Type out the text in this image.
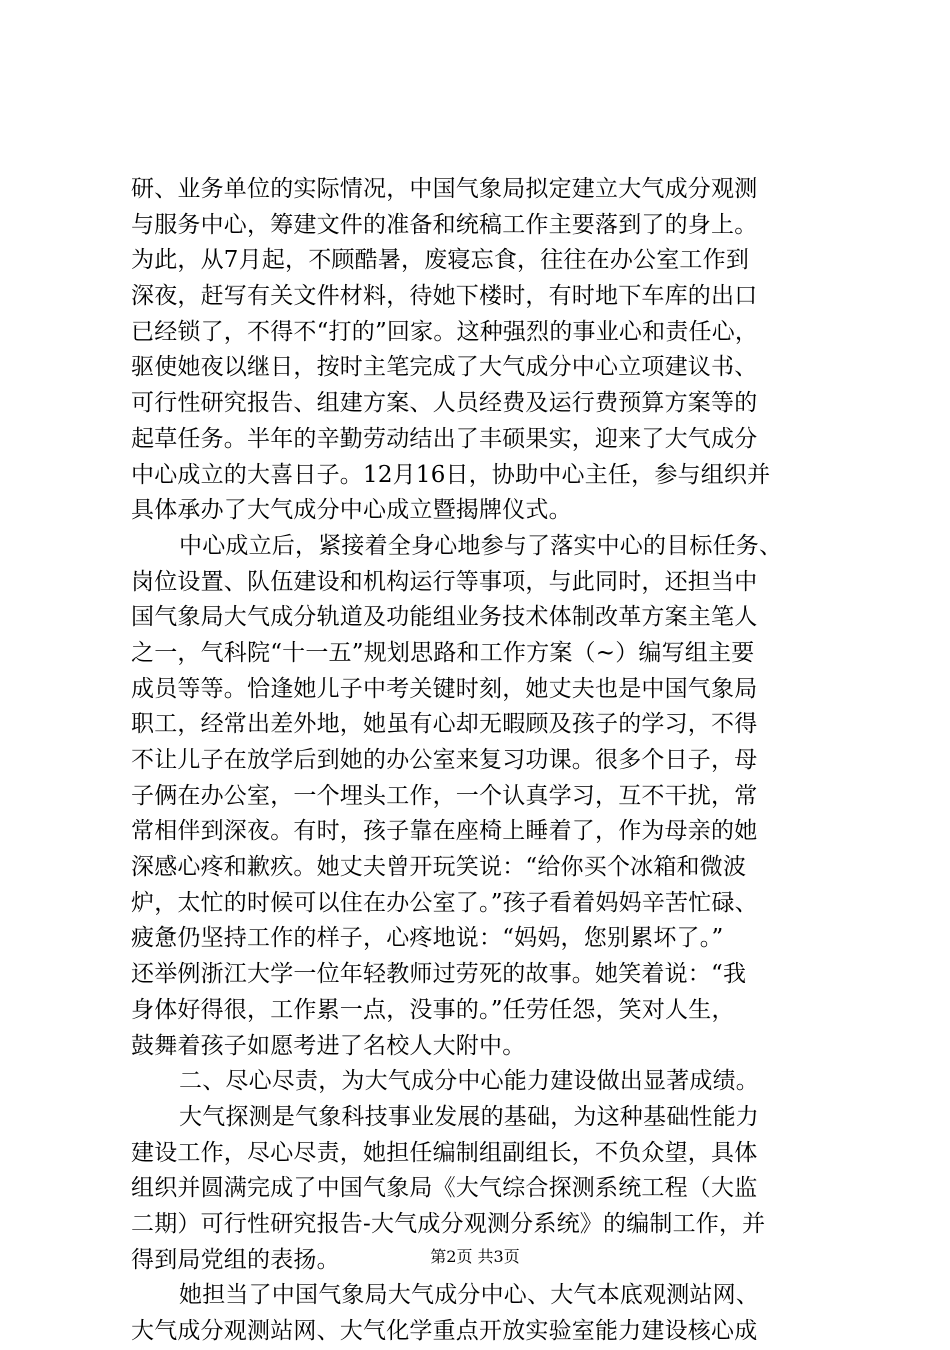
研、业务单位的实际情况，中国气象局拟定建立大气成分观测
与服务中心，筹建文件的准备和统稿工作主要落到了的身上。
为此，从7月起，不顾酷暑，废寝忘食，往往在办公室工作到
深夜，赶写有关文件材料，待她下楼时，有时地下车库的出口
已经锁了，不得不“打的”回家。这种强烈的事业心和责任心，
驱使她夜以继日，按时主笔完成了大气成分中心立项建议书、
可行性研究报告、组建方案、人员经费及运行费预算方案等的
起草任务。半年的辛勤劳动结出了丰硕果实，迎来了大气成分
中心成立的大喜日子。12月16日，协助中心主任，参与组织并
具体承办了大气成分中心成立暨揭牌仪式。
中心成立后，紧接着全身心地参与了落实中心的目标任务、
岗位设置、队伍建设和机构运行等事项，与此同时，还担当中
国气象局大气成分轨道及功能组业务技术体制改革方案主笔人
之一，气科院“十一五”规划思路和工作方案（~）编写组主要
成员等等。恰逢她儿子中考关键时刻，她丈夫也是中国气象局
职工，经常出差外地，她虽有心却无暇顾及孩子的学习，不得
不让儿子在放学后到她的办公室来复习功课。很多个日子，母
子俩在办公室，一个埋头工作，一个认真学习，互不干扰，常
常相伴到深夜。有时，孩子靠在座椅上睡着了，作为母亲的她
深感心疼和歉疚。她丈夫曾开玩笑说：“给你买个冰箱和微波
炉，太忙的时候可以住在办公室了。”孩子看着妈妈辛苦忙碌、
疲惫仍坚持工作的样子，心疼地说：“妈妈，您别累坏了。”
还举例浙江大学一位年轻教师过劳死的故事。她笑着说：“我
身体好得很，工作累一点，没事的。”任劳任怨，笑对人生，
鼓舞着孩子如愿考进了名校人大附中。
二、尽心尽责，为大气成分中心能力建设做出显著成绩。
大气探测是气象科技事业发展的基础，为这种基础性能力
建设工作，尽心尽责，她担任编制组副组长，不负众望，具体
组织并圆满完成了中国气象局《大气综合探测系统工程（大监
二期）可行性研究报告-大气成分观测分系统》的编制工作，并
得到局党组的表扬。
她担当了中国气象局大气成分中心、大气本底观测站网、
大气成分观测站网、大气化学重点开放实验室能力建设核心成
第2页 共3页
